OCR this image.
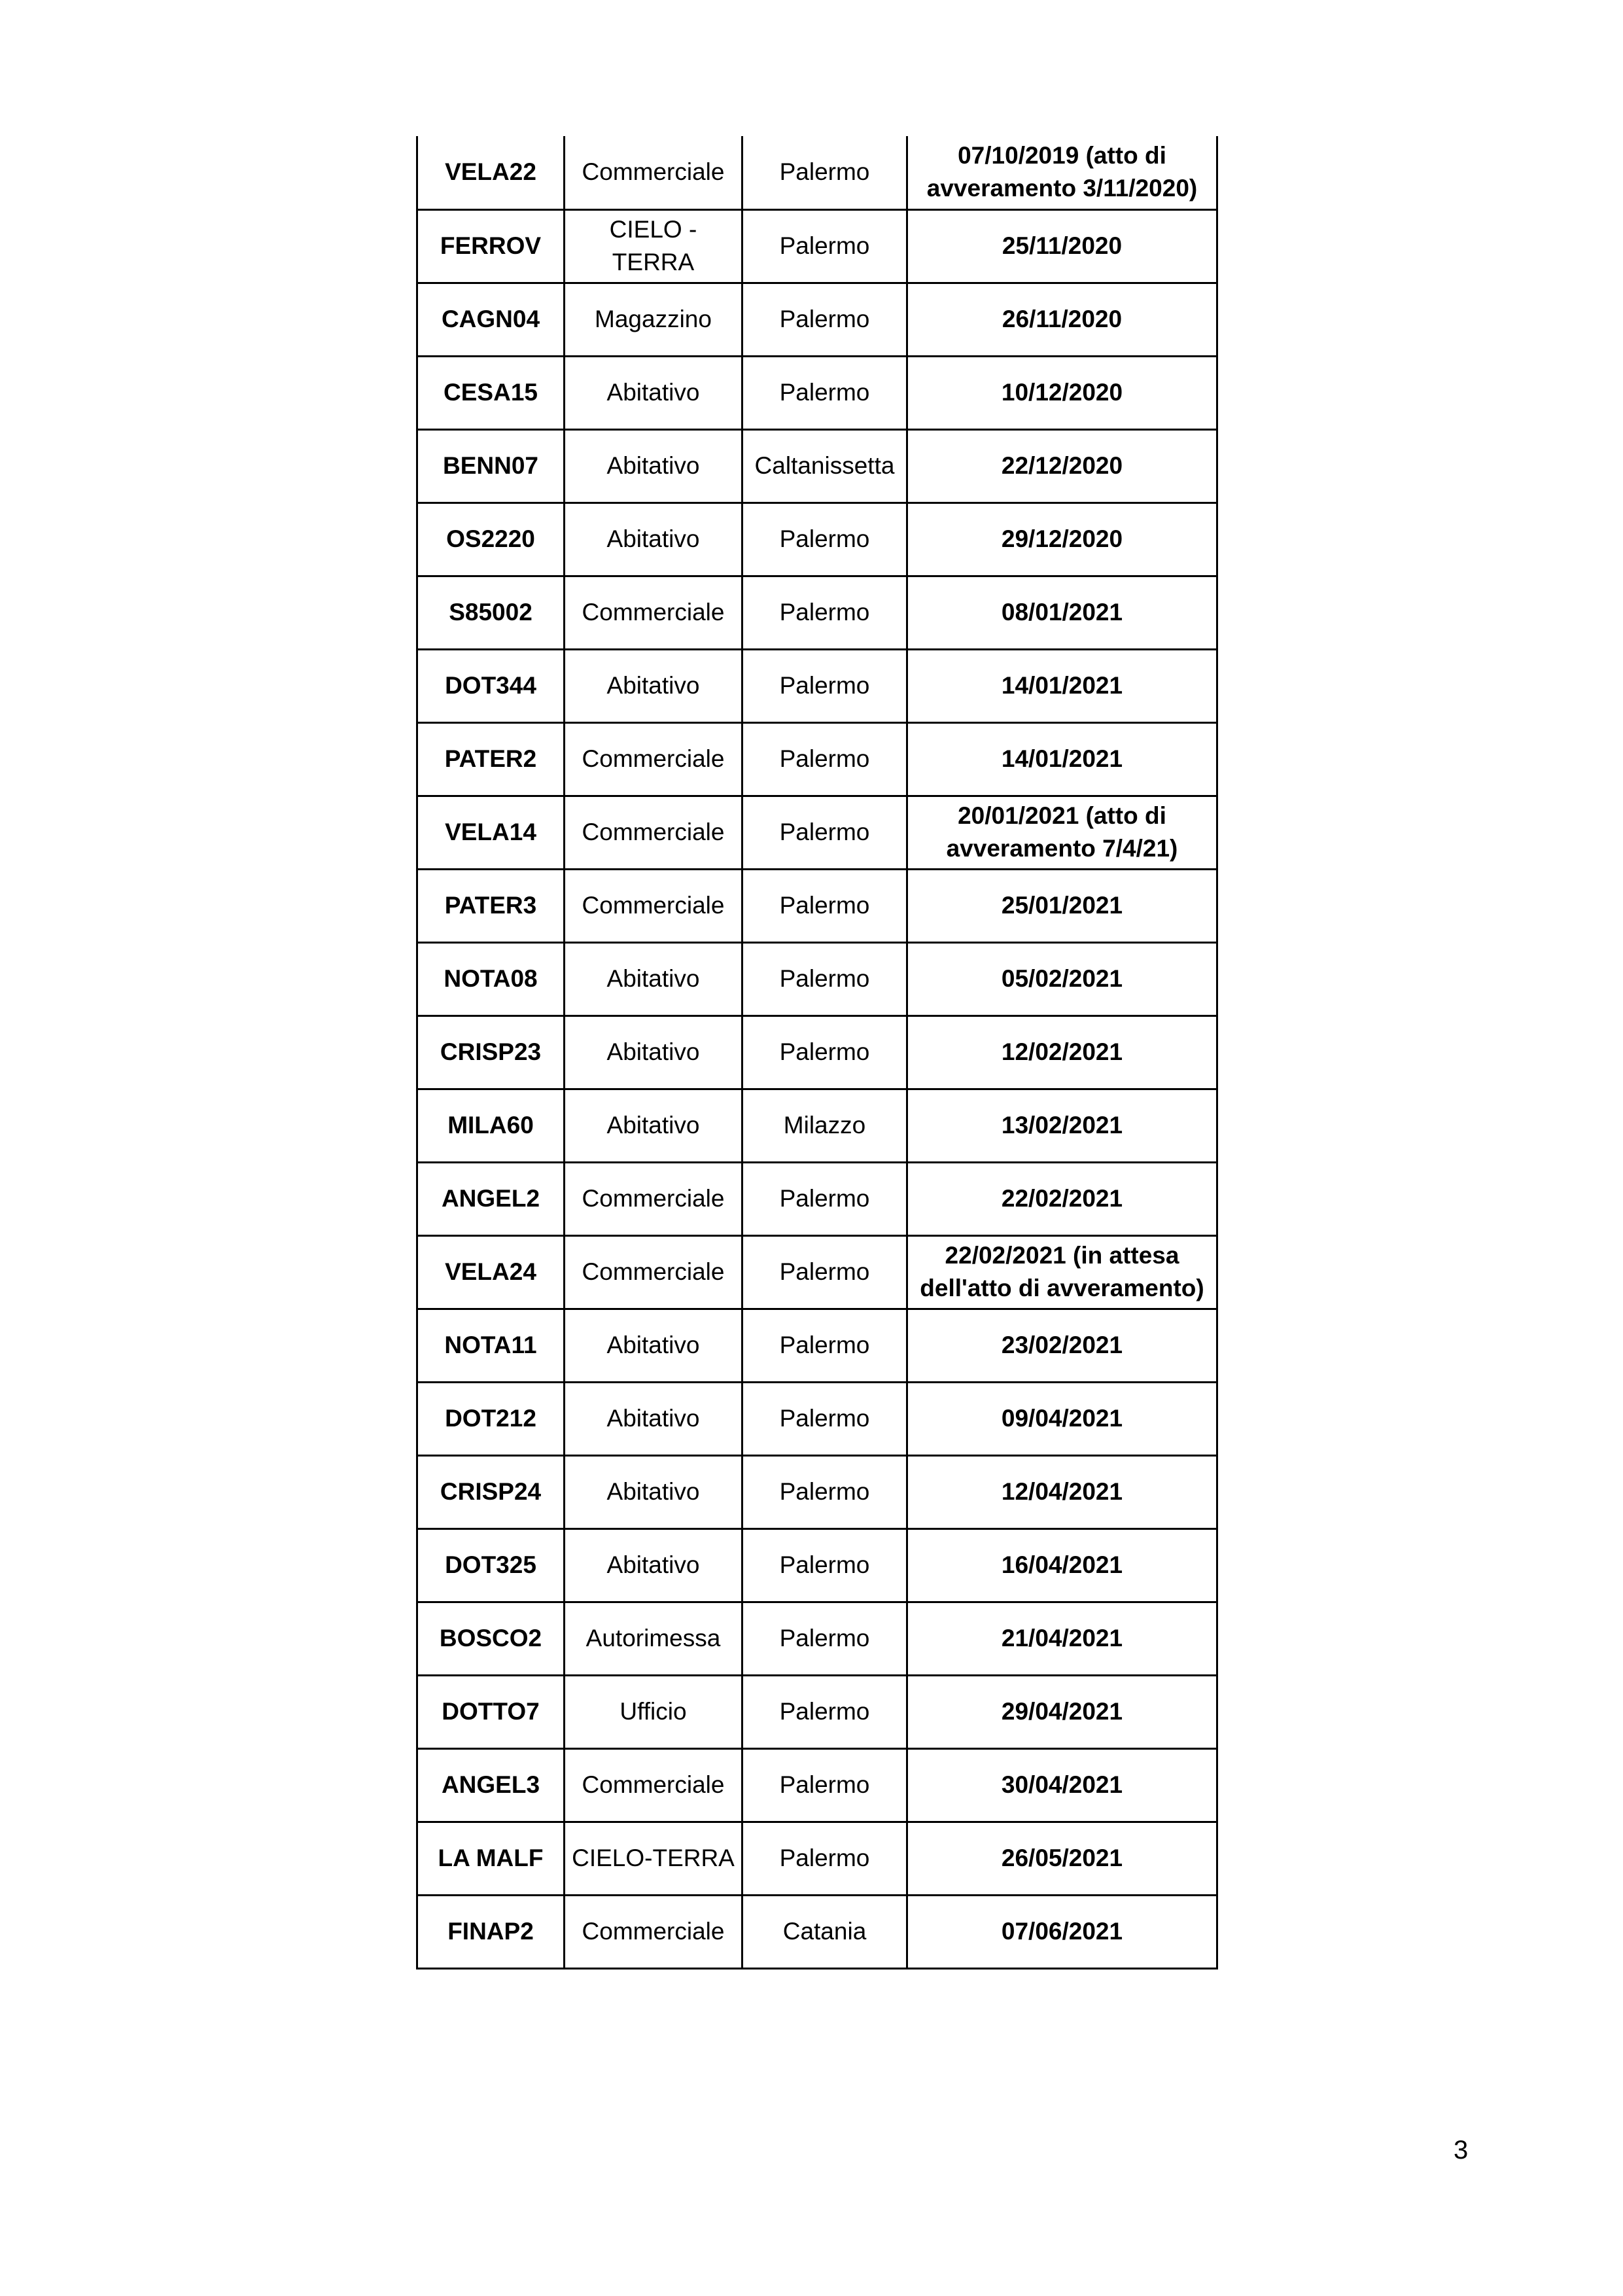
VELA22	Commerciale	Palermo	07/10/2019 (atto di avveramento 3/11/2020)
FERROV	CIELO - TERRA	Palermo	25/11/2020
CAGN04	Magazzino	Palermo	26/11/2020
CESA15	Abitativo	Palermo	10/12/2020
BENN07	Abitativo	Caltanissetta	22/12/2020
OS2220	Abitativo	Palermo	29/12/2020
S85002	Commerciale	Palermo	08/01/2021
DOT344	Abitativo	Palermo	14/01/2021
PATER2	Commerciale	Palermo	14/01/2021
VELA14	Commerciale	Palermo	20/01/2021 (atto di avveramento 7/4/21)
PATER3	Commerciale	Palermo	25/01/2021
NOTA08	Abitativo	Palermo	05/02/2021
CRISP23	Abitativo	Palermo	12/02/2021
MILA60	Abitativo	Milazzo	13/02/2021
ANGEL2	Commerciale	Palermo	22/02/2021
VELA24	Commerciale	Palermo	22/02/2021 (in attesa dell'atto di avveramento)
NOTA11	Abitativo	Palermo	23/02/2021
DOT212	Abitativo	Palermo	09/04/2021
CRISP24	Abitativo	Palermo	12/04/2021
DOT325	Abitativo	Palermo	16/04/2021
BOSCO2	Autorimessa	Palermo	21/04/2021
DOTTO7	Ufficio	Palermo	29/04/2021
ANGEL3	Commerciale	Palermo	30/04/2021
LA MALF	CIELO-TERRA	Palermo	26/05/2021
FINAP2	Commerciale	Catania	07/06/2021
3
